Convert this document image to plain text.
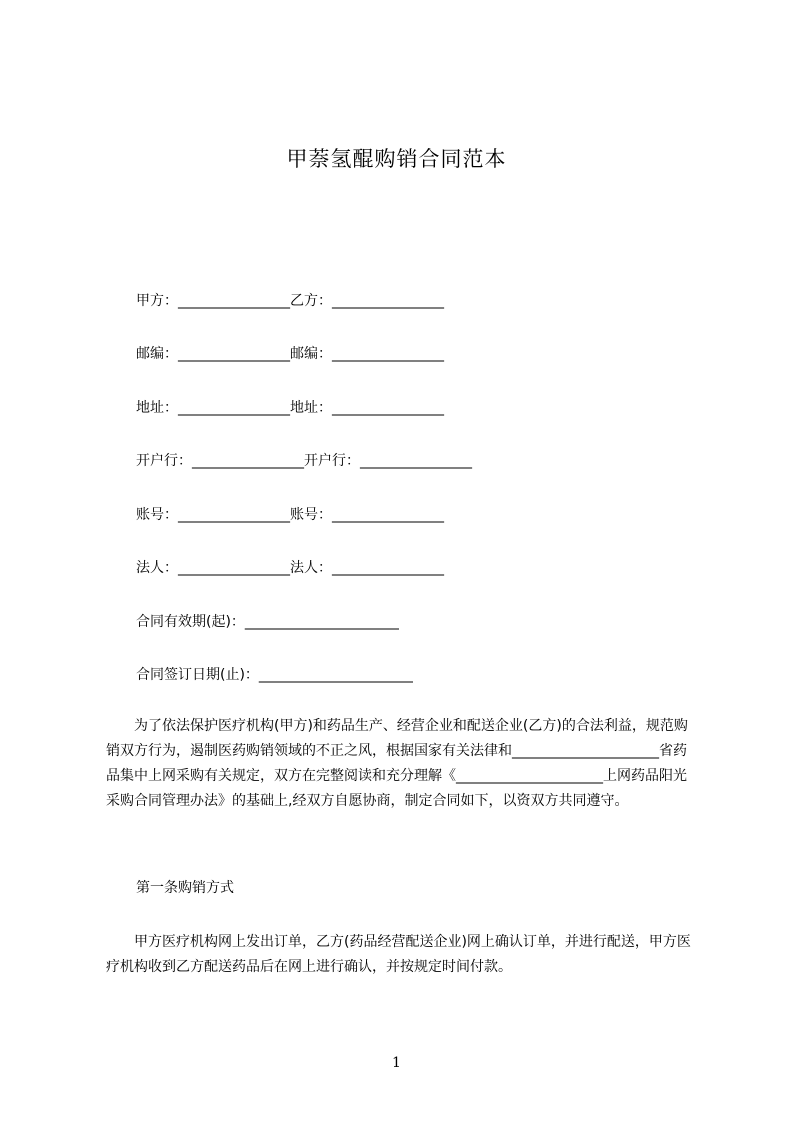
甲萘氢醌购销合同范本
甲方：________________乙方：________________
邮编：________________邮编：________________
地址：________________地址：________________
开户行：________________开户行：________________
账号：________________账号：________________
法人：________________法人：________________
合同有效期(起)：______________________
合同签订日期(止)：______________________

为了依法保护医疗机构(甲方)和药品生产、经营企业和配送企业(乙方)的合法利益，规范购销双方行为，遏制医药购销领域的不正之风，根据国家有关法律和_____________________省药品集中上网采购有关规定，双方在完整阅读和充分理解《_____________________上网药品阳光采购合同管理办法》的基础上,经双方自愿协商，制定合同如下，以资双方共同遵守。

第一条购销方式

甲方医疗机构网上发出订单，乙方(药品经营配送企业)网上确认订单，并进行配送，甲方医疗机构收到乙方配送药品后在网上进行确认，并按规定时间付款。

1
